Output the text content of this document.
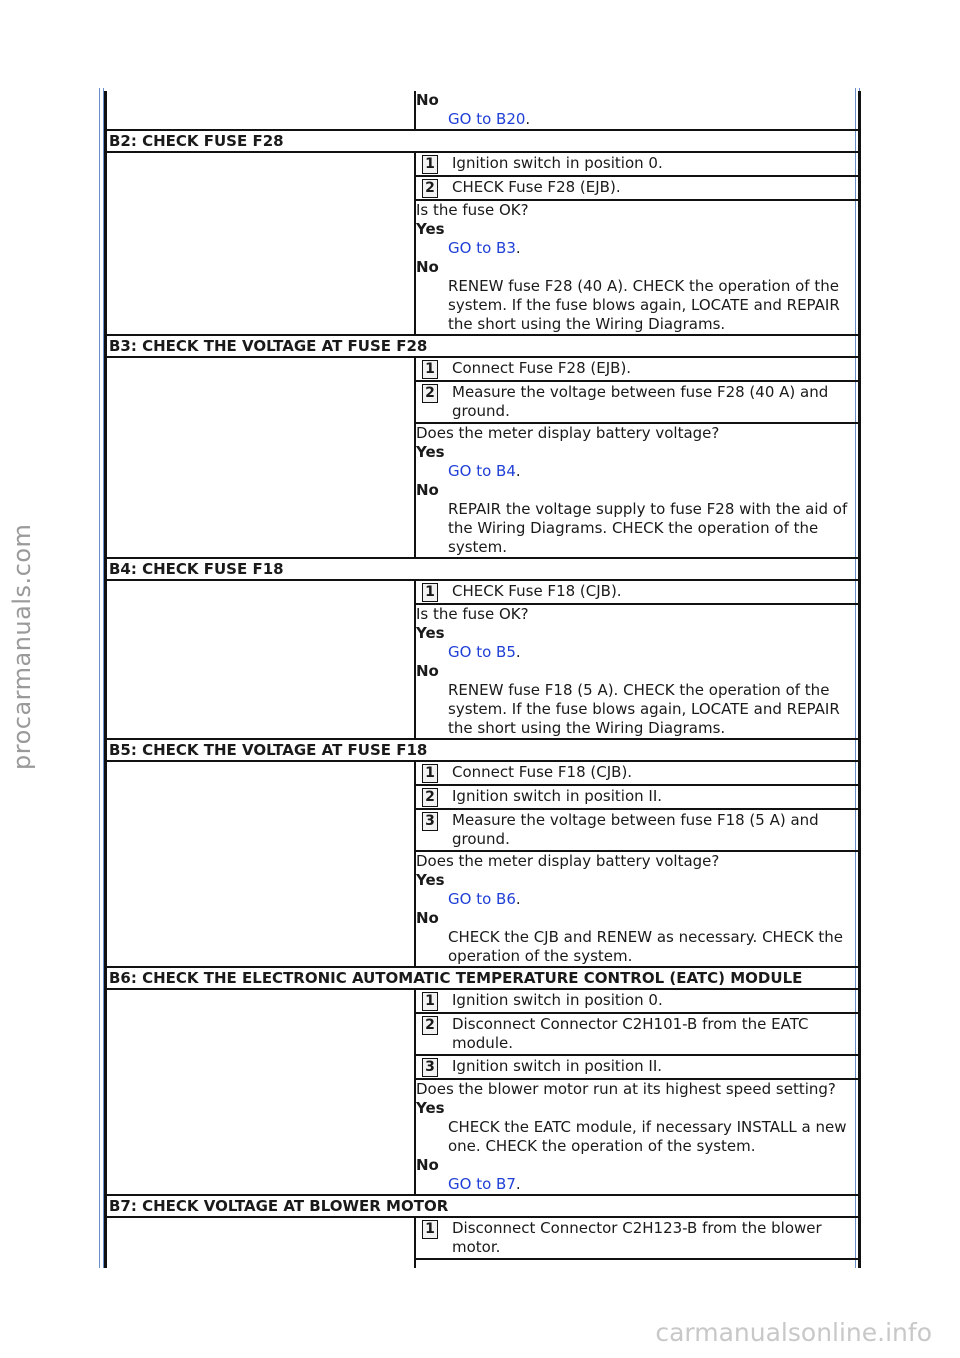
procarmanuals.com
carmanualsonline.info
No
GO to B20.
B2: CHECK FUSE F28
1	Ignition switch in position 0.
2	CHECK Fuse F28 (EJB).
Is the fuse OK?
Yes
GO to B3.
No
RENEW fuse F28 (40 A). CHECK the operation of the system. If the fuse blows again, LOCATE and REPAIR the short using the Wiring Diagrams.
B3: CHECK THE VOLTAGE AT FUSE F28
1	Connect Fuse F28 (EJB).
2	Measure the voltage between fuse F28 (40 A) and ground.
Does the meter display battery voltage?
Yes
GO to B4.
No
REPAIR the voltage supply to fuse F28 with the aid of the Wiring Diagrams. CHECK the operation of the system.
B4: CHECK FUSE F18
1	CHECK Fuse F18 (CJB).
Is the fuse OK?
Yes
GO to B5.
No
RENEW fuse F18 (5 A). CHECK the operation of the system. If the fuse blows again, LOCATE and REPAIR the short using the Wiring Diagrams.
B5: CHECK THE VOLTAGE AT FUSE F18
1	Connect Fuse F18 (CJB).
2	Ignition switch in position II.
3	Measure the voltage between fuse F18 (5 A) and ground.
Does the meter display battery voltage?
Yes
GO to B6.
No
CHECK the CJB and RENEW as necessary. CHECK the operation of the system.
B6: CHECK THE ELECTRONIC AUTOMATIC TEMPERATURE CONTROL (EATC) MODULE
1	Ignition switch in position 0.
2	Disconnect Connector C2H101-B from the EATC module.
3	Ignition switch in position II.
Does the blower motor run at its highest speed setting?
Yes
CHECK the EATC module, if necessary INSTALL a new one. CHECK the operation of the system.
No
GO to B7.
B7: CHECK VOLTAGE AT BLOWER MOTOR
1	Disconnect Connector C2H123-B from the blower motor.
